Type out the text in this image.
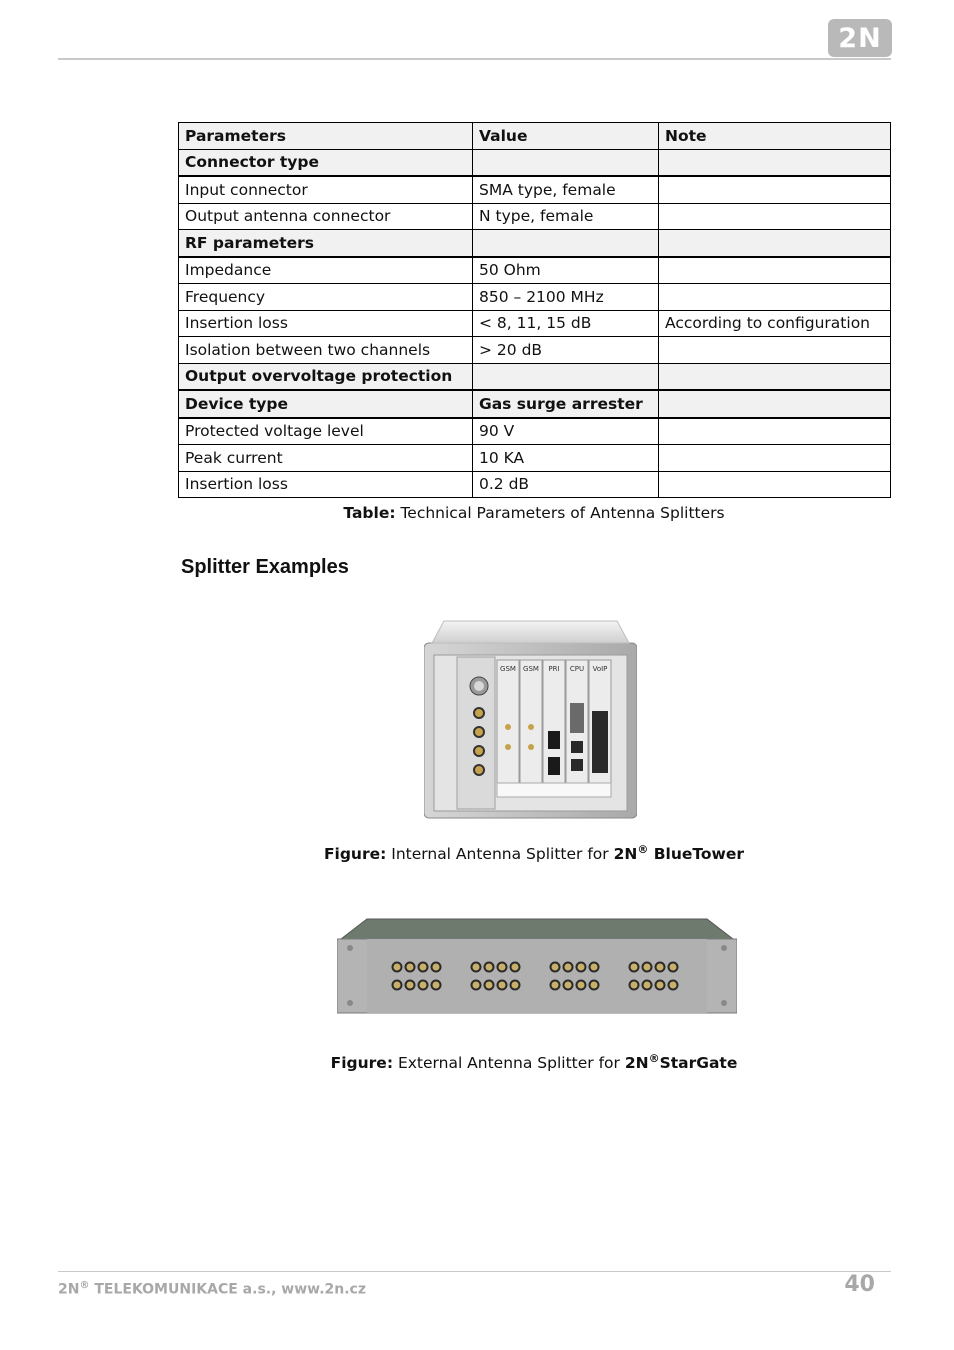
2N
Parameters	Value	Note
Connector type		
Input connector	SMA type, female	
Output antenna connector	N type, female	
RF parameters		
Impedance	50 Ohm	
Frequency	850 – 2100 MHz	
Insertion loss	< 8, 11, 15 dB	According to configuration
Isolation between two channels	> 20 dB	
Output overvoltage protection		
Device type	Gas surge arrester	
Protected voltage level	90 V	
Peak current	10 KA	
Insertion loss	0.2 dB	
Table: Technical Parameters of Antenna Splitters
Splitter Examples
GSM GSM PRI CPU VoIP
Figure: Internal Antenna Splitter for 2N® BlueTower
Figure: External Antenna Splitter for 2N®StarGate
2N® TELEKOMUNIKACE a.s., www.2n.cz	40
